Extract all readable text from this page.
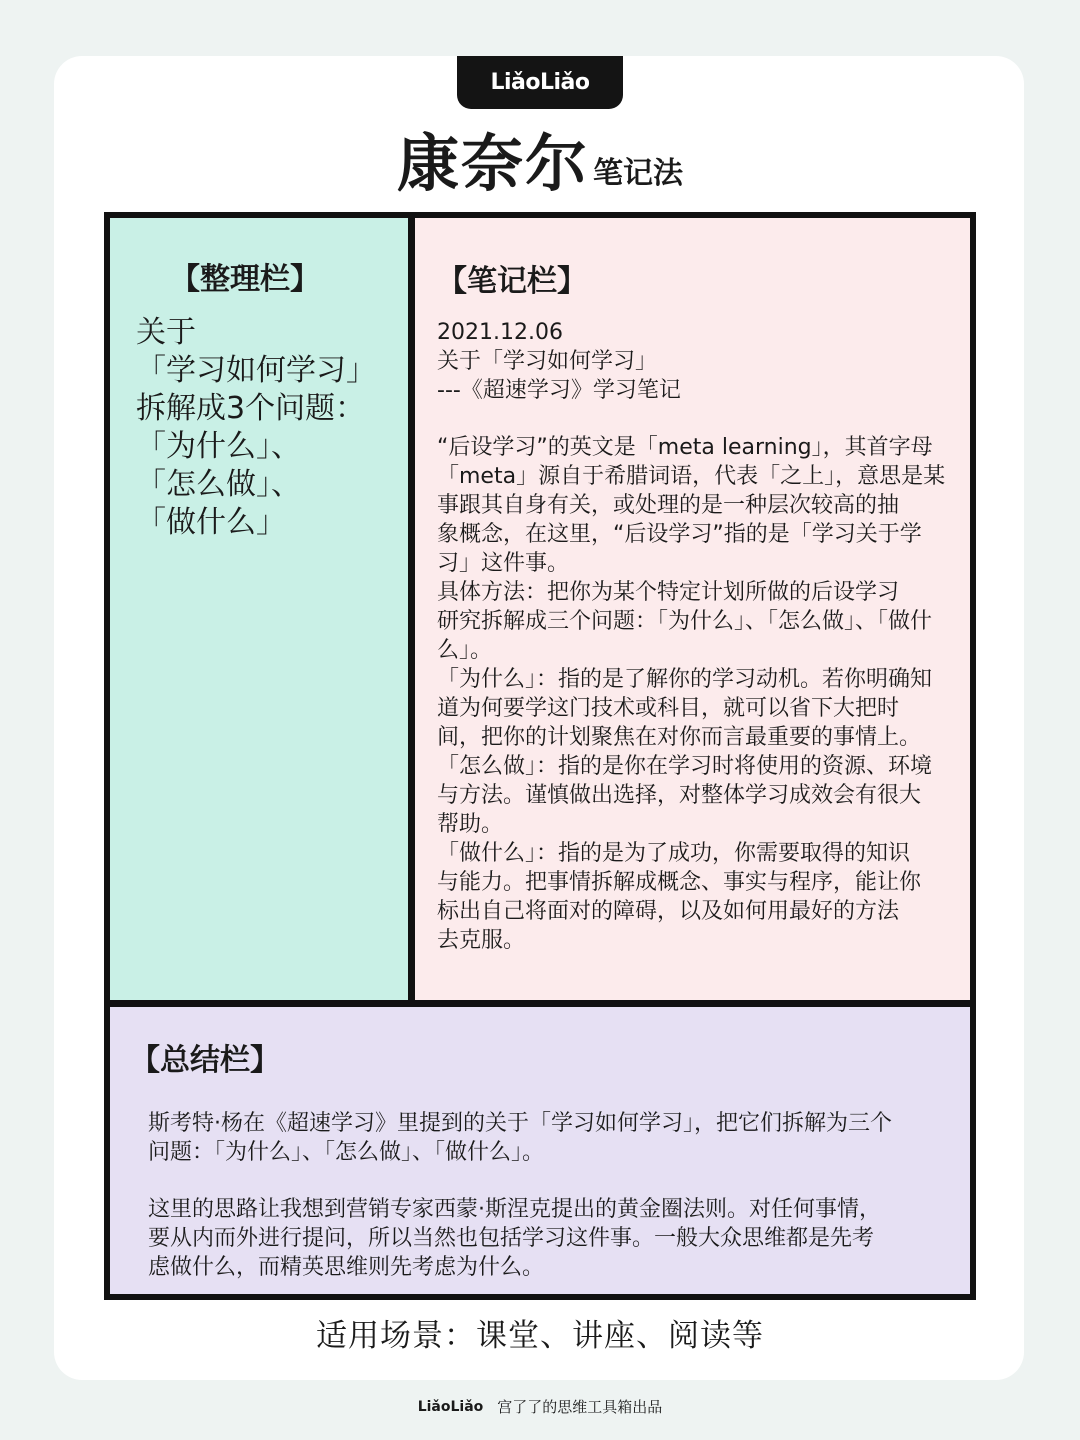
LiǎoLiǎo
康奈尔 笔记法
【整理栏】
关于
「学习如何学习」
拆解成3个问题：
「为什么」、
「怎么做」、
「做什么」
【笔记栏】
2021.12.06
关于「学习如何学习」
---《超速学习》学习笔记
“后设学习”的英文是「meta learning」，其首字母
「meta」源自于希腊词语，代表「之上」，意思是某
事跟其自身有关，或处理的是一种层次较高的抽
象概念，在这里，“后设学习”指的是「学习关于学
习」这件事。
具体方法：把你为某个特定计划所做的后设学习
研究拆解成三个问题：「为什么」、「怎么做」、「做什
么」。
「为什么」：指的是了解你的学习动机。若你明确知
道为何要学这门技术或科目，就可以省下大把时
间，把你的计划聚焦在对你而言最重要的事情上。
「怎么做」：指的是你在学习时将使用的资源、环境
与方法。谨慎做出选择，对整体学习成效会有很大
帮助。
「做什么」：指的是为了成功，你需要取得的知识
与能力。把事情拆解成概念、事实与程序，能让你
标出自己将面对的障碍，以及如何用最好的方法
去克服。
【总结栏】
斯考特·杨在《超速学习》里提到的关于「学习如何学习」，把它们拆解为三个
问题：「为什么」、「怎么做」、「做什么」。
这里的思路让我想到营销专家西蒙·斯涅克提出的黄金圈法则。对任何事情，
要从内而外进行提问，所以当然也包括学习这件事。一般大众思维都是先考
虑做什么，而精英思维则先考虑为什么。
适用场景：课堂、讲座、阅读等
LiǎoLiǎo 宫了了的思维工具箱出品
